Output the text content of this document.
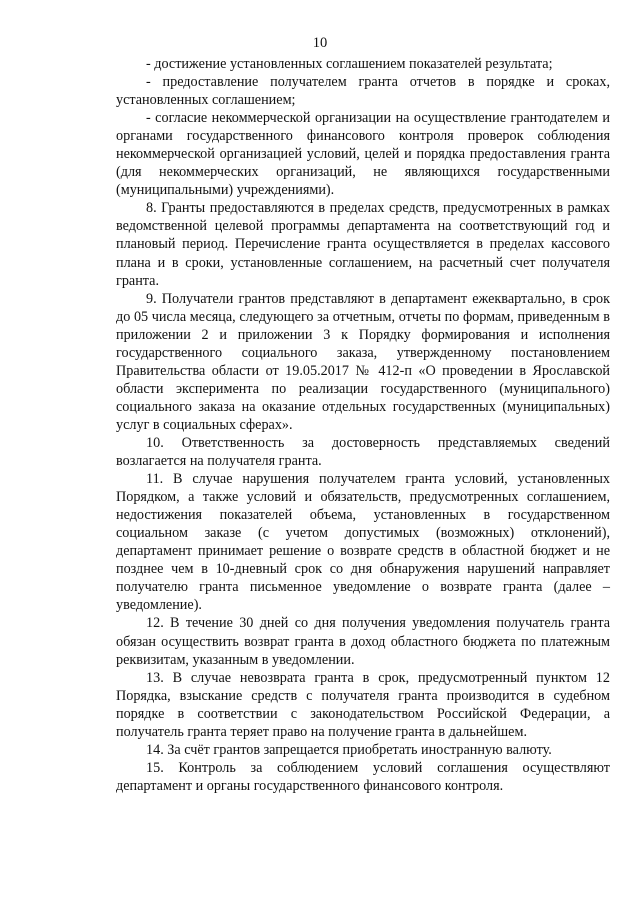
10

- достижение установленных соглашением показателей результата;

- предоставление получателем гранта отчетов в порядке и сроках, установленных соглашением;

- согласие некоммерческой организации на осуществление грантодателем и органами государственного финансового контроля проверок соблюдения некоммерческой организацией условий, целей и порядка предоставления гранта (для некоммерческих организаций, не являющихся государственными (муниципальными) учреждениями).

8. Гранты предоставляются в пределах средств, предусмотренных в рамках ведомственной целевой программы департамента на соответствующий год и плановый период. Перечисление гранта осуществляется в пределах кассового плана и в сроки, установленные соглашением, на расчетный счет получателя гранта.

9. Получатели грантов представляют в департамент ежеквартально, в срок до 05 числа месяца, следующего за отчетным, отчеты по формам, приведенным в приложении 2 и приложении 3 к Порядку формирования и исполнения государственного социального заказа, утвержденному постановлением Правительства области от 19.05.2017 № 412-п «О проведении в Ярославской области эксперимента по реализации государственного (муниципального) социального заказа на оказание отдельных государственных (муниципальных) услуг в социальных сферах».

10. Ответственность за достоверность представляемых сведений возлагается на получателя гранта.

11. В случае нарушения получателем гранта условий, установленных Порядком, а также условий и обязательств, предусмотренных соглашением, недостижения показателей объема, установленных в государственном социальном заказе (с учетом допустимых (возможных) отклонений), департамент принимает решение о возврате средств в областной бюджет и не позднее чем в 10-дневный срок со дня обнаружения нарушений направляет получателю гранта письменное уведомление о возврате гранта (далее – уведомление).

12. В течение 30 дней со дня получения уведомления получатель гранта обязан осуществить возврат гранта в доход областного бюджета по платежным реквизитам, указанным в уведомлении.

13. В случае невозврата гранта в срок, предусмотренный пунктом 12 Порядка, взыскание средств с получателя гранта производится в судебном порядке в соответствии с законодательством Российской Федерации, а получатель гранта теряет право на получение гранта в дальнейшем.

14. За счёт грантов запрещается приобретать иностранную валюту.

15. Контроль за соблюдением условий соглашения осуществляют департамент и органы государственного финансового контроля.
